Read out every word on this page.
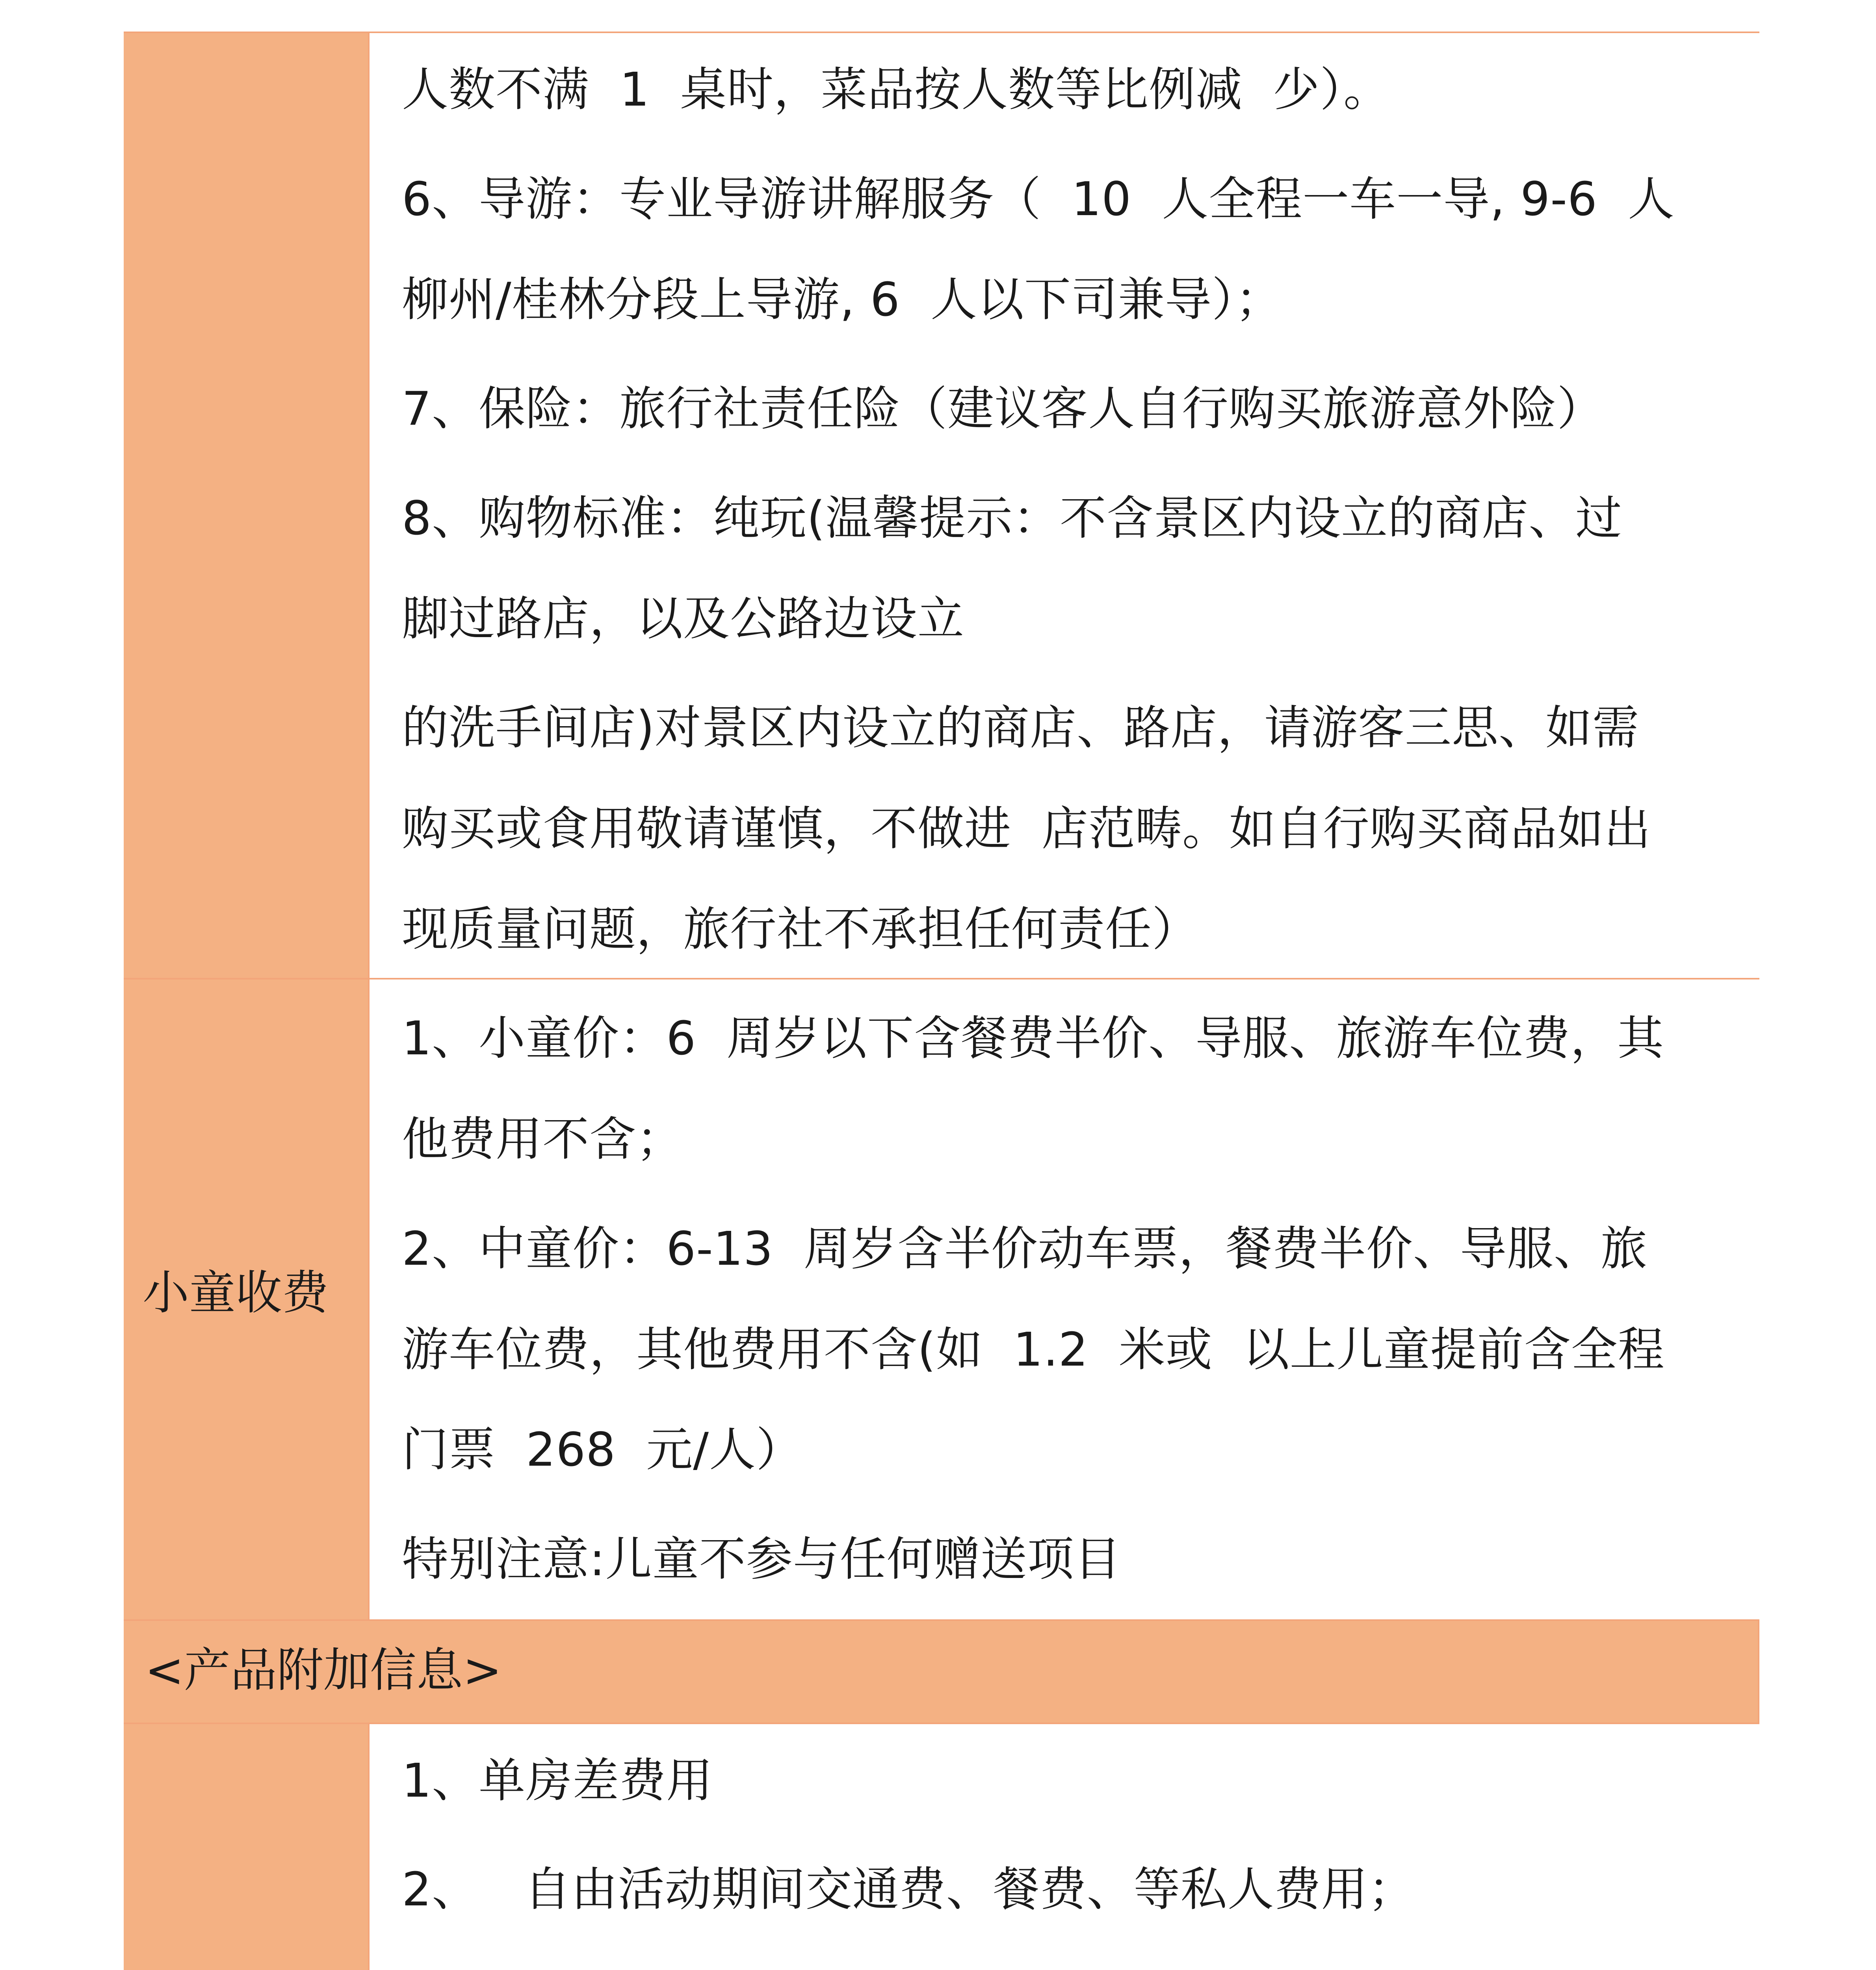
人数不满  1  桌时，菜品按人数等比例减  少）。
6、导游：专业导游讲解服务（  10  人全程一车一导, 9-6  人
柳州/桂林分段上导游, 6  人以下司兼导）；
7、保险：旅行社责任险（建议客人自行购买旅游意外险）
8、购物标准：纯玩(温馨提示：不含景区内设立的商店、过
脚过路店，以及公路边设立
的洗手间店)对景区内设立的商店、路店，请游客三思、如需
购买或食用敬请谨慎，不做进  店范畴。如自行购买商品如出
现质量问题，旅行社不承担任何责任）
小童收费
1、小童价：6  周岁以下含餐费半价、导服、旅游车位费，其
他费用不含；
2、中童价：6-13  周岁含半价动车票，餐费半价、导服、旅
游车位费，其他费用不含(如  1.2  米或  以上儿童提前含全程
门票  268  元/人）
特别注意:儿童不参与任何赠送项目
<产品附加信息>
1、单房差费用
2、   自由活动期间交通费、餐费、等私人费用；
